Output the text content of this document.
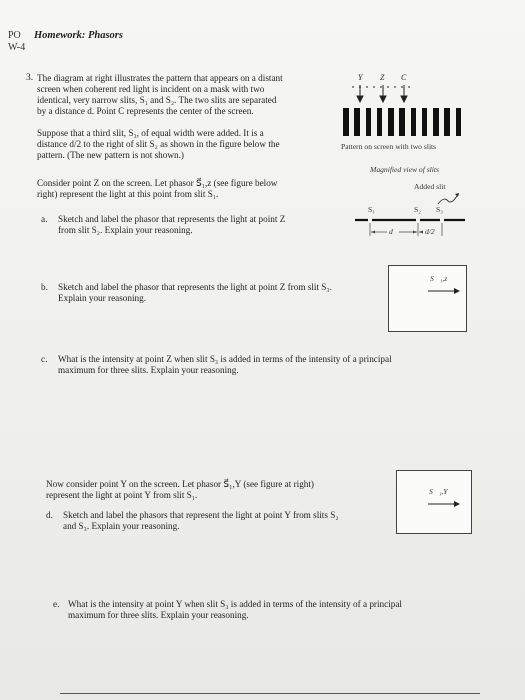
PO
W-4
Homework: Phasors
3. The diagram at right illustrates the pattern that appears on a distant
screen when coherent red light is incident on a mask with two
identical, very narrow slits, S₁ and S₂. The two slits are separated
by a distance d. Point C represents the center of the screen.
Suppose that a third slit, S₃, of equal width were added. It is a
distance d/2 to the right of slit S₂ as shown in the figure below the
pattern. (The new pattern is not shown.)
Consider point Z on the screen. Let phasor S⃗₁,z (see figure below
right) represent the light at this point from slit S₁.
a. Sketch and label the phasor that represents the light at point Z
from slit S₂. Explain your reasoning.
Y Z C
Pattern on screen with two slits
Magnified view of slits
Added slit
S₁	S₂ S₃
d	d/2
b. Sketch and label the phasor that represents the light at point Z from slit S₃.
Explain your reasoning.
S⃗₁,z
c. What is the intensity at point Z when slit S₃ is added in terms of the intensity of a principal
maximum for three slits. Explain your reasoning.
Now consider point Y on the screen. Let phasor S⃗₁,Y (see figure at right)
represent the light at point Y from slit S₁.
d. Sketch and label the phasors that represent the light at point Y from slits S₂
and S₃. Explain your reasoning.
S⃗₁,Y
e. What is the intensity at point Y when slit S₃ is added in terms of the intensity of a principal
maximum for three slits. Explain your reasoning.
